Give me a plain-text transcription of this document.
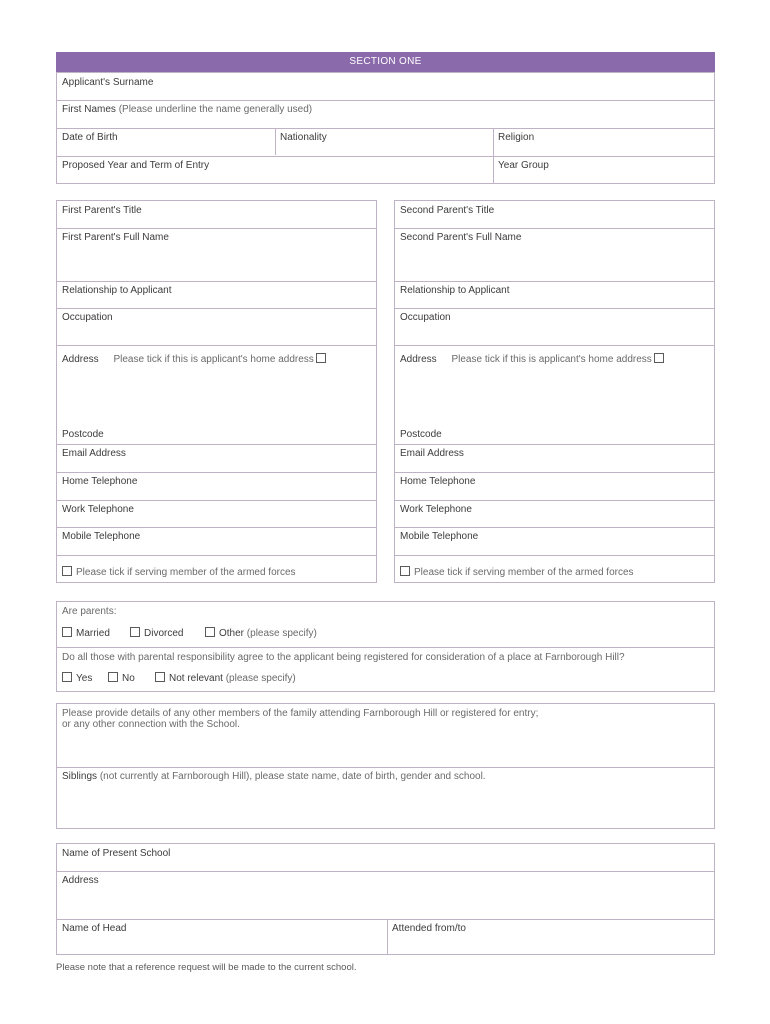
SECTION ONE
Applicant's Surname
First Names (Please underline the name generally used)
Date of Birth	Nationality	Religion
Proposed Year and Term of Entry	Year Group
First Parent's Title
First Parent's Full Name
Relationship to Applicant
Occupation
Address Please tick if this is applicant's home address
Postcode
Email Address
Home Telephone
Work Telephone
Mobile Telephone
Please tick if serving member of the armed forces
Second Parent's Title
Second Parent's Full Name
Relationship to Applicant
Occupation
Address Please tick if this is applicant's home address
Postcode
Email Address
Home Telephone
Work Telephone
Mobile Telephone
Please tick if serving member of the armed forces
Are parents:
Married	Divorced	Other (please specify)
Do all those with parental responsibility agree to the applicant being registered for consideration of a place at Farnborough Hill?
Yes	No	Not relevant (please specify)
Please provide details of any other members of the family attending Farnborough Hill or registered for entry;
or any other connection with the School.
Siblings (not currently at Farnborough Hill), please state name, date of birth, gender and school.
Name of Present School
Address
Name of Head	Attended from/to
Please note that a reference request will be made to the current school.
